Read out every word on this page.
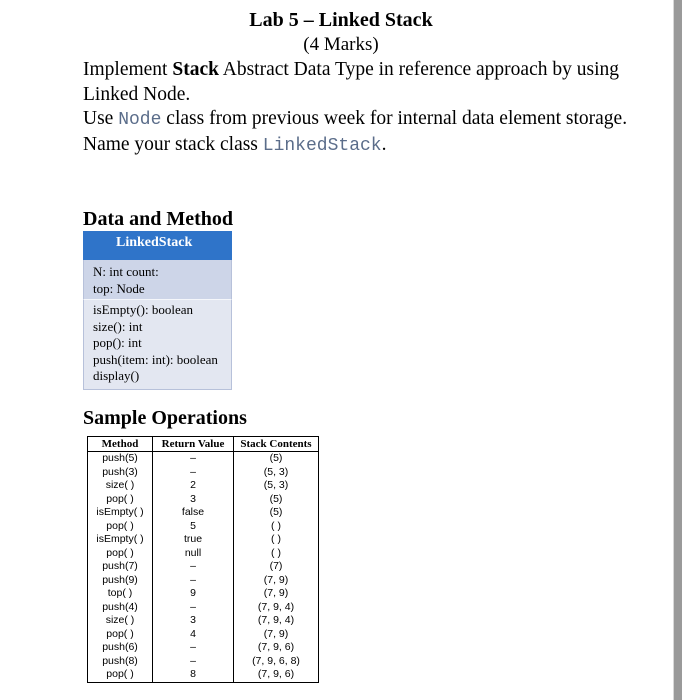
Lab 5 – Linked Stack
(4 Marks)

Implement Stack Abstract Data Type in reference approach by using Linked Node.

Use Node class from previous week for internal data element storage.

Name your stack class LinkedStack.

Data and Method
LinkedStack
N: int count:
top: Node
isEmpty(): boolean
size(): int
pop(): int
push(item: int): boolean
display()
Sample Operations
Method	Return Value	Stack Contents
push(5)	–	(5)
push(3)	–	(5, 3)
size( )	2	(5, 3)
pop( )	3	(5)
isEmpty( )	false	(5)
pop( )	5	( )
isEmpty( )	true	( )
pop( )	null	( )
push(7)	–	(7)
push(9)	–	(7, 9)
top( )	9	(7, 9)
push(4)	–	(7, 9, 4)
size( )	3	(7, 9, 4)
pop( )	4	(7, 9)
push(6)	–	(7, 9, 6)
push(8)	–	(7, 9, 6, 8)
pop( )	8	(7, 9, 6)
